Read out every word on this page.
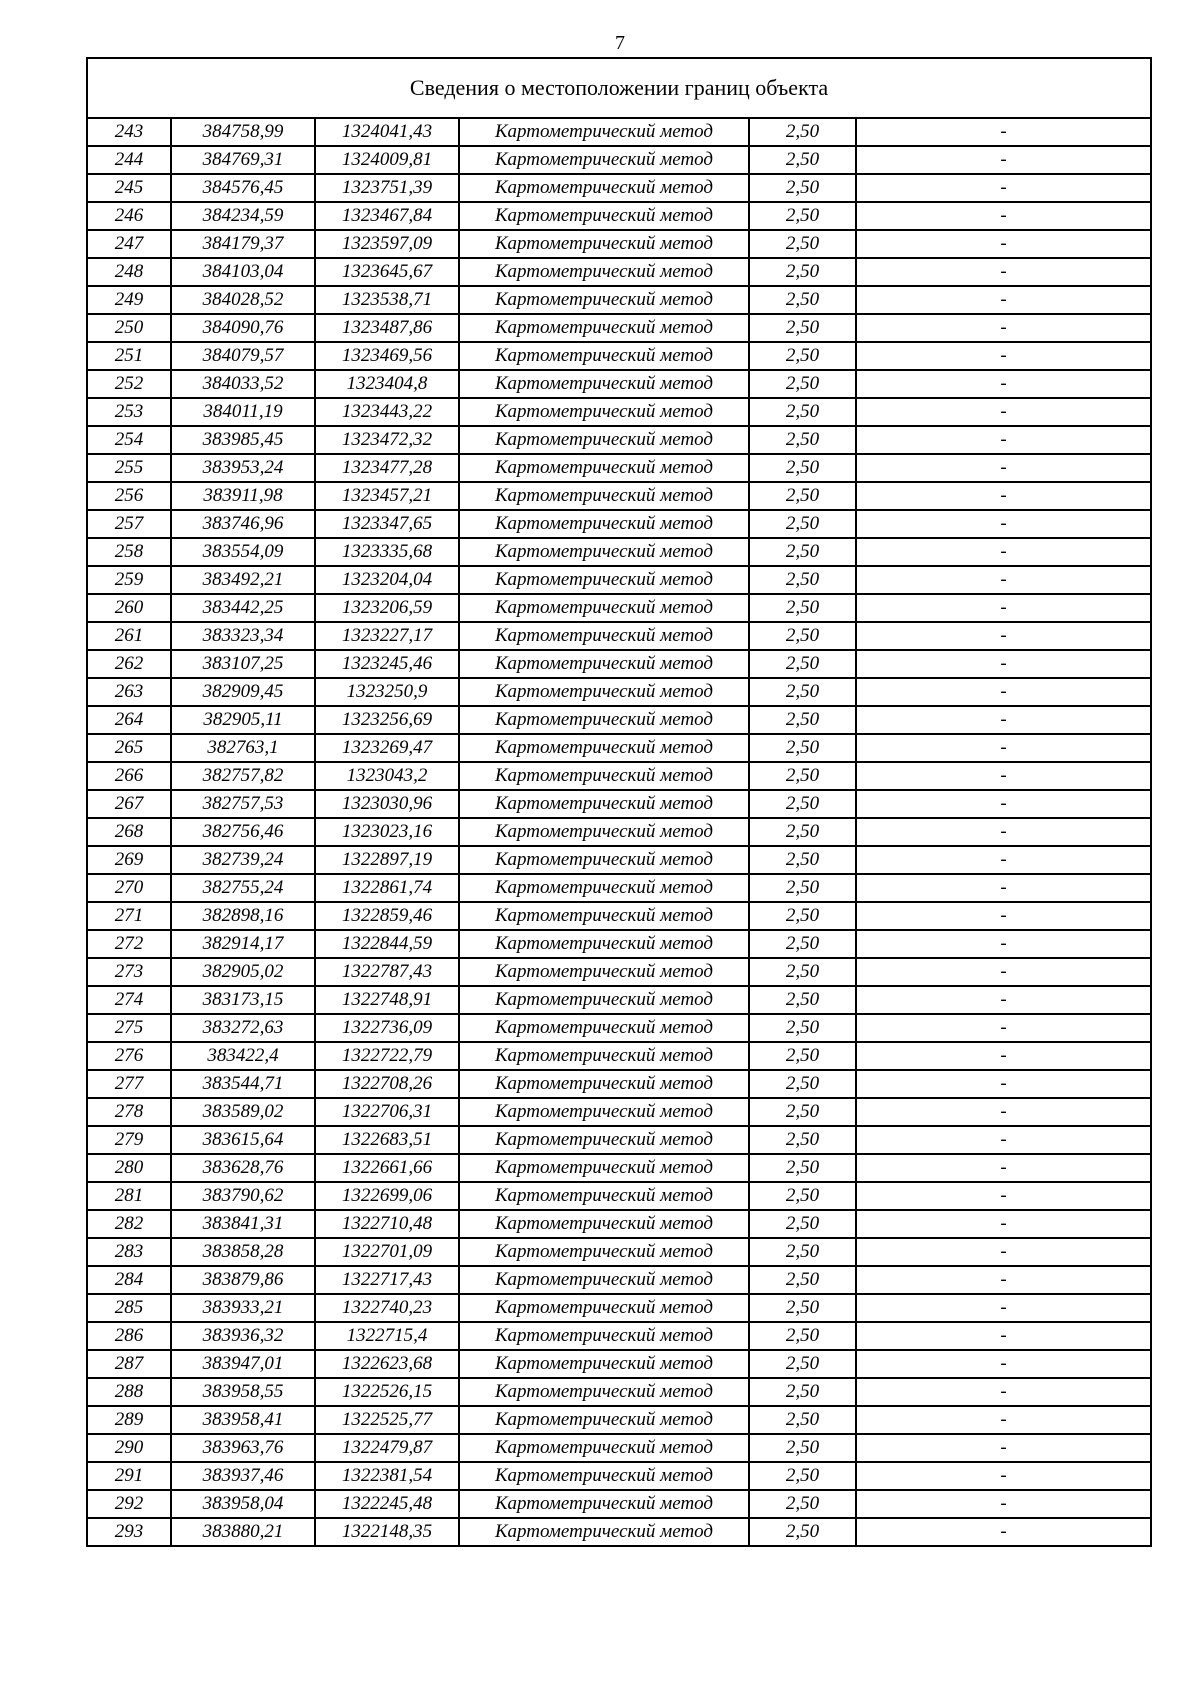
7
Сведения о местоположении границ объекта					
243	384758,99	1324041,43	Картометрический метод	2,50	-
244	384769,31	1324009,81	Картометрический метод	2,50	-
245	384576,45	1323751,39	Картометрический метод	2,50	-
246	384234,59	1323467,84	Картометрический метод	2,50	-
247	384179,37	1323597,09	Картометрический метод	2,50	-
248	384103,04	1323645,67	Картометрический метод	2,50	-
249	384028,52	1323538,71	Картометрический метод	2,50	-
250	384090,76	1323487,86	Картометрический метод	2,50	-
251	384079,57	1323469,56	Картометрический метод	2,50	-
252	384033,52	1323404,8	Картометрический метод	2,50	-
253	384011,19	1323443,22	Картометрический метод	2,50	-
254	383985,45	1323472,32	Картометрический метод	2,50	-
255	383953,24	1323477,28	Картометрический метод	2,50	-
256	383911,98	1323457,21	Картометрический метод	2,50	-
257	383746,96	1323347,65	Картометрический метод	2,50	-
258	383554,09	1323335,68	Картометрический метод	2,50	-
259	383492,21	1323204,04	Картометрический метод	2,50	-
260	383442,25	1323206,59	Картометрический метод	2,50	-
261	383323,34	1323227,17	Картометрический метод	2,50	-
262	383107,25	1323245,46	Картометрический метод	2,50	-
263	382909,45	1323250,9	Картометрический метод	2,50	-
264	382905,11	1323256,69	Картометрический метод	2,50	-
265	382763,1	1323269,47	Картометрический метод	2,50	-
266	382757,82	1323043,2	Картометрический метод	2,50	-
267	382757,53	1323030,96	Картометрический метод	2,50	-
268	382756,46	1323023,16	Картометрический метод	2,50	-
269	382739,24	1322897,19	Картометрический метод	2,50	-
270	382755,24	1322861,74	Картометрический метод	2,50	-
271	382898,16	1322859,46	Картометрический метод	2,50	-
272	382914,17	1322844,59	Картометрический метод	2,50	-
273	382905,02	1322787,43	Картометрический метод	2,50	-
274	383173,15	1322748,91	Картометрический метод	2,50	-
275	383272,63	1322736,09	Картометрический метод	2,50	-
276	383422,4	1322722,79	Картометрический метод	2,50	-
277	383544,71	1322708,26	Картометрический метод	2,50	-
278	383589,02	1322706,31	Картометрический метод	2,50	-
279	383615,64	1322683,51	Картометрический метод	2,50	-
280	383628,76	1322661,66	Картометрический метод	2,50	-
281	383790,62	1322699,06	Картометрический метод	2,50	-
282	383841,31	1322710,48	Картометрический метод	2,50	-
283	383858,28	1322701,09	Картометрический метод	2,50	-
284	383879,86	1322717,43	Картометрический метод	2,50	-
285	383933,21	1322740,23	Картометрический метод	2,50	-
286	383936,32	1322715,4	Картометрический метод	2,50	-
287	383947,01	1322623,68	Картометрический метод	2,50	-
288	383958,55	1322526,15	Картометрический метод	2,50	-
289	383958,41	1322525,77	Картометрический метод	2,50	-
290	383963,76	1322479,87	Картометрический метод	2,50	-
291	383937,46	1322381,54	Картометрический метод	2,50	-
292	383958,04	1322245,48	Картометрический метод	2,50	-
293	383880,21	1322148,35	Картометрический метод	2,50	-
